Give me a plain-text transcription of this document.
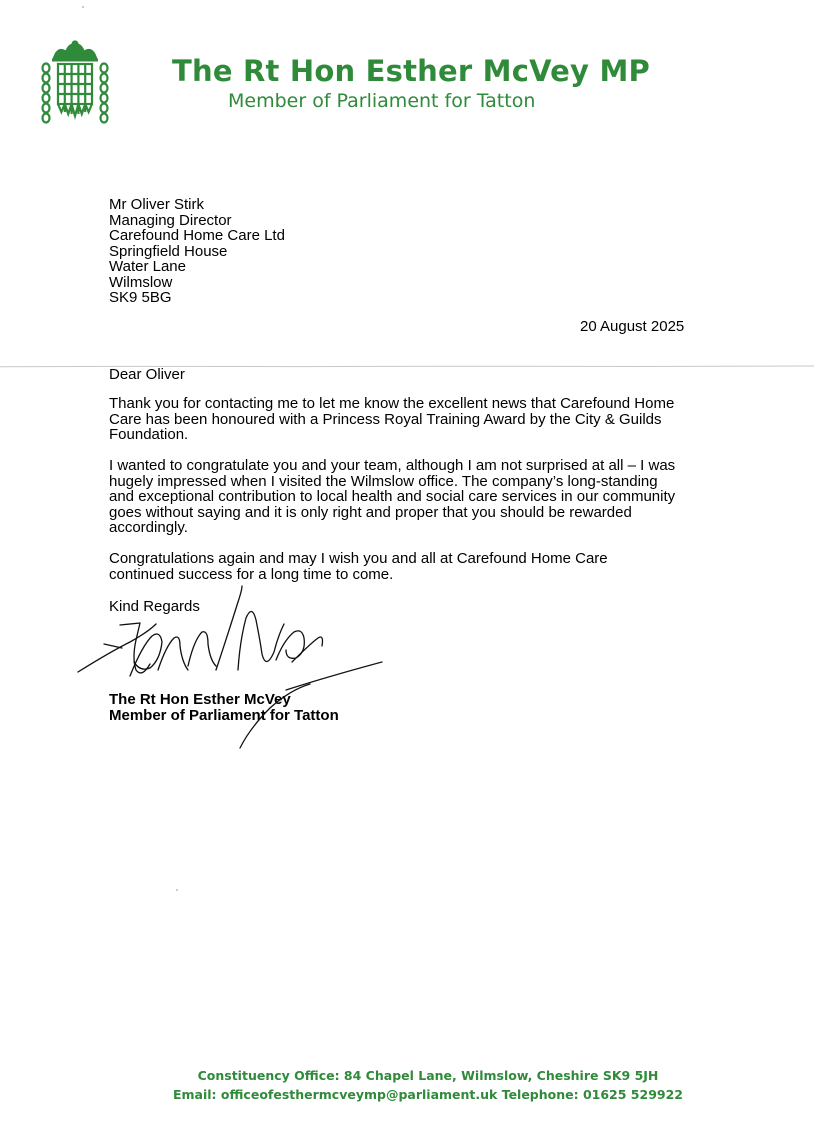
The Rt Hon Esther McVey MP
Member of Parliament for Tatton
Mr Oliver Stirk
Managing Director
Carefound Home Care Ltd
Springfield House
Water Lane
Wilmslow
SK9 5BG
20 August 2025
Dear Oliver
Thank you for contacting me to let me know the excellent news that Carefound Home
Care has been honoured with a Princess Royal Training Award by the City & Guilds
Foundation.
I wanted to congratulate you and your team, although I am not surprised at all – I was
hugely impressed when I visited the Wilmslow office. The company’s long-standing
and exceptional contribution to local health and social care services in our community
goes without saying and it is only right and proper that you should be rewarded
accordingly.
Congratulations again and may I wish you and all at Carefound Home Care
continued success for a long time to come.
Kind Regards
The Rt Hon Esther McVey
Member of Parliament for Tatton
Constituency Office: 84 Chapel Lane, Wilmslow, Cheshire SK9 5JH
Email: officeofesthermcveymp@parliament.uk Telephone: 01625 529922
